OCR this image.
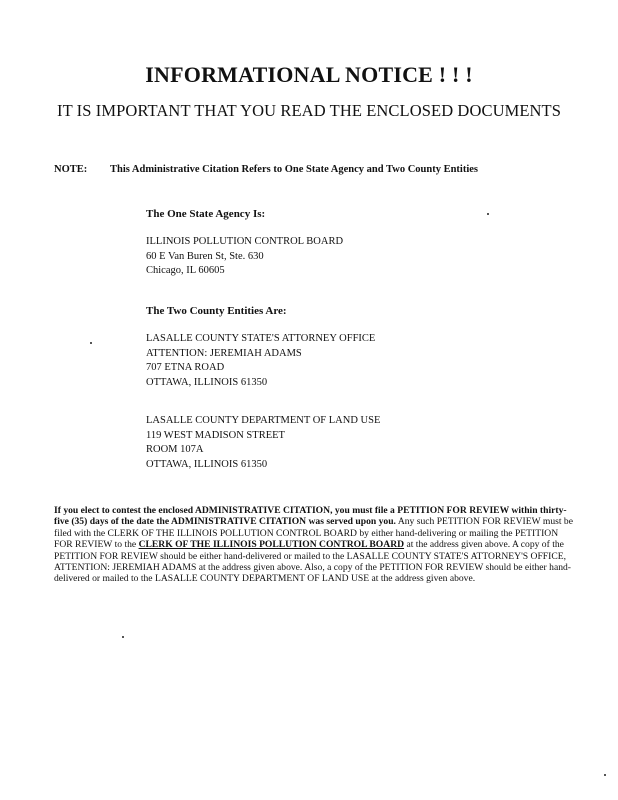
INFORMATIONAL NOTICE ! ! !
IT IS IMPORTANT THAT YOU READ THE ENCLOSED DOCUMENTS
NOTE: This Administrative Citation Refers to One State Agency and Two County Entities
The One State Agency Is:
ILLINOIS POLLUTION CONTROL BOARD
60 E Van Buren St, Ste. 630
Chicago, IL 60605
The Two County Entities Are:
LASALLE COUNTY STATE'S ATTORNEY OFFICE
ATTENTION: JEREMIAH ADAMS
707 ETNA ROAD
OTTAWA, ILLINOIS 61350
LASALLE COUNTY DEPARTMENT OF LAND USE
119 WEST MADISON STREET
ROOM 107A
OTTAWA, ILLINOIS 61350
If you elect to contest the enclosed ADMINISTRATIVE CITATION, you must file a PETITION FOR REVIEW within thirty-five (35) days of the date the ADMINISTRATIVE CITATION was served upon you. Any such PETITION FOR REVIEW must be filed with the CLERK OF THE ILLINOIS POLLUTION CONTROL BOARD by either hand-delivering or mailing the PETITION FOR REVIEW to the CLERK OF THE ILLINOIS POLLUTION CONTROL BOARD at the address given above. A copy of the PETITION FOR REVIEW should be either hand-delivered or mailed to the LASALLE COUNTY STATE'S ATTORNEY'S OFFICE, ATTENTION: JEREMIAH ADAMS at the address given above. Also, a copy of the PETITION FOR REVIEW should be either hand-delivered or mailed to the LASALLE COUNTY DEPARTMENT OF LAND USE at the address given above.
